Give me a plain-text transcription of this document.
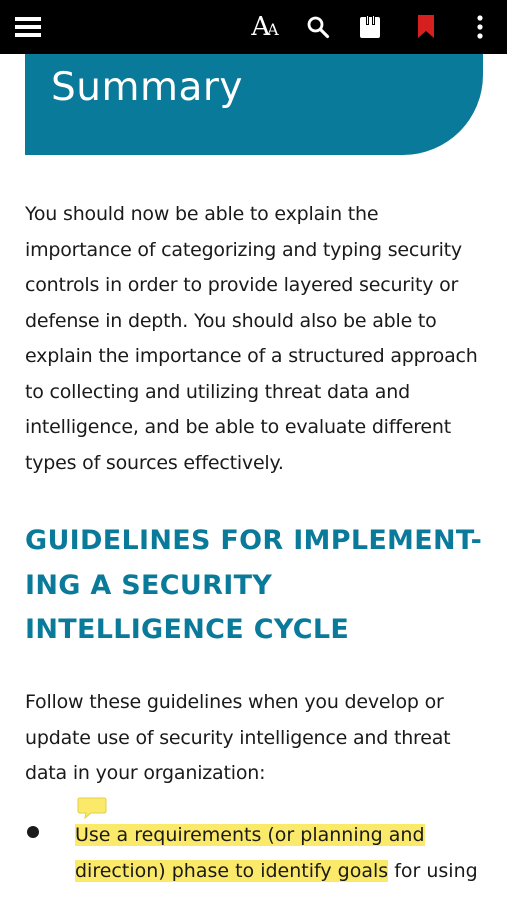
AA
Summary

You should now be able to explain the importance of categorizing and typing security controls in order to provide layered security or defense in depth. You should also be able to explain the importance of a structured approach to collecting and utilizing threat data and intelligence, and be able to evaluate different types of sources effectively.

GUIDELINES FOR IMPLEMENT-ING A SECURITY INTELLIGENCE CYCLE

Follow these guidelines when you develop or update use of security intelligence and threat data in your organization:

Use a requirements (or planning and direction) phase to identify goals for using
